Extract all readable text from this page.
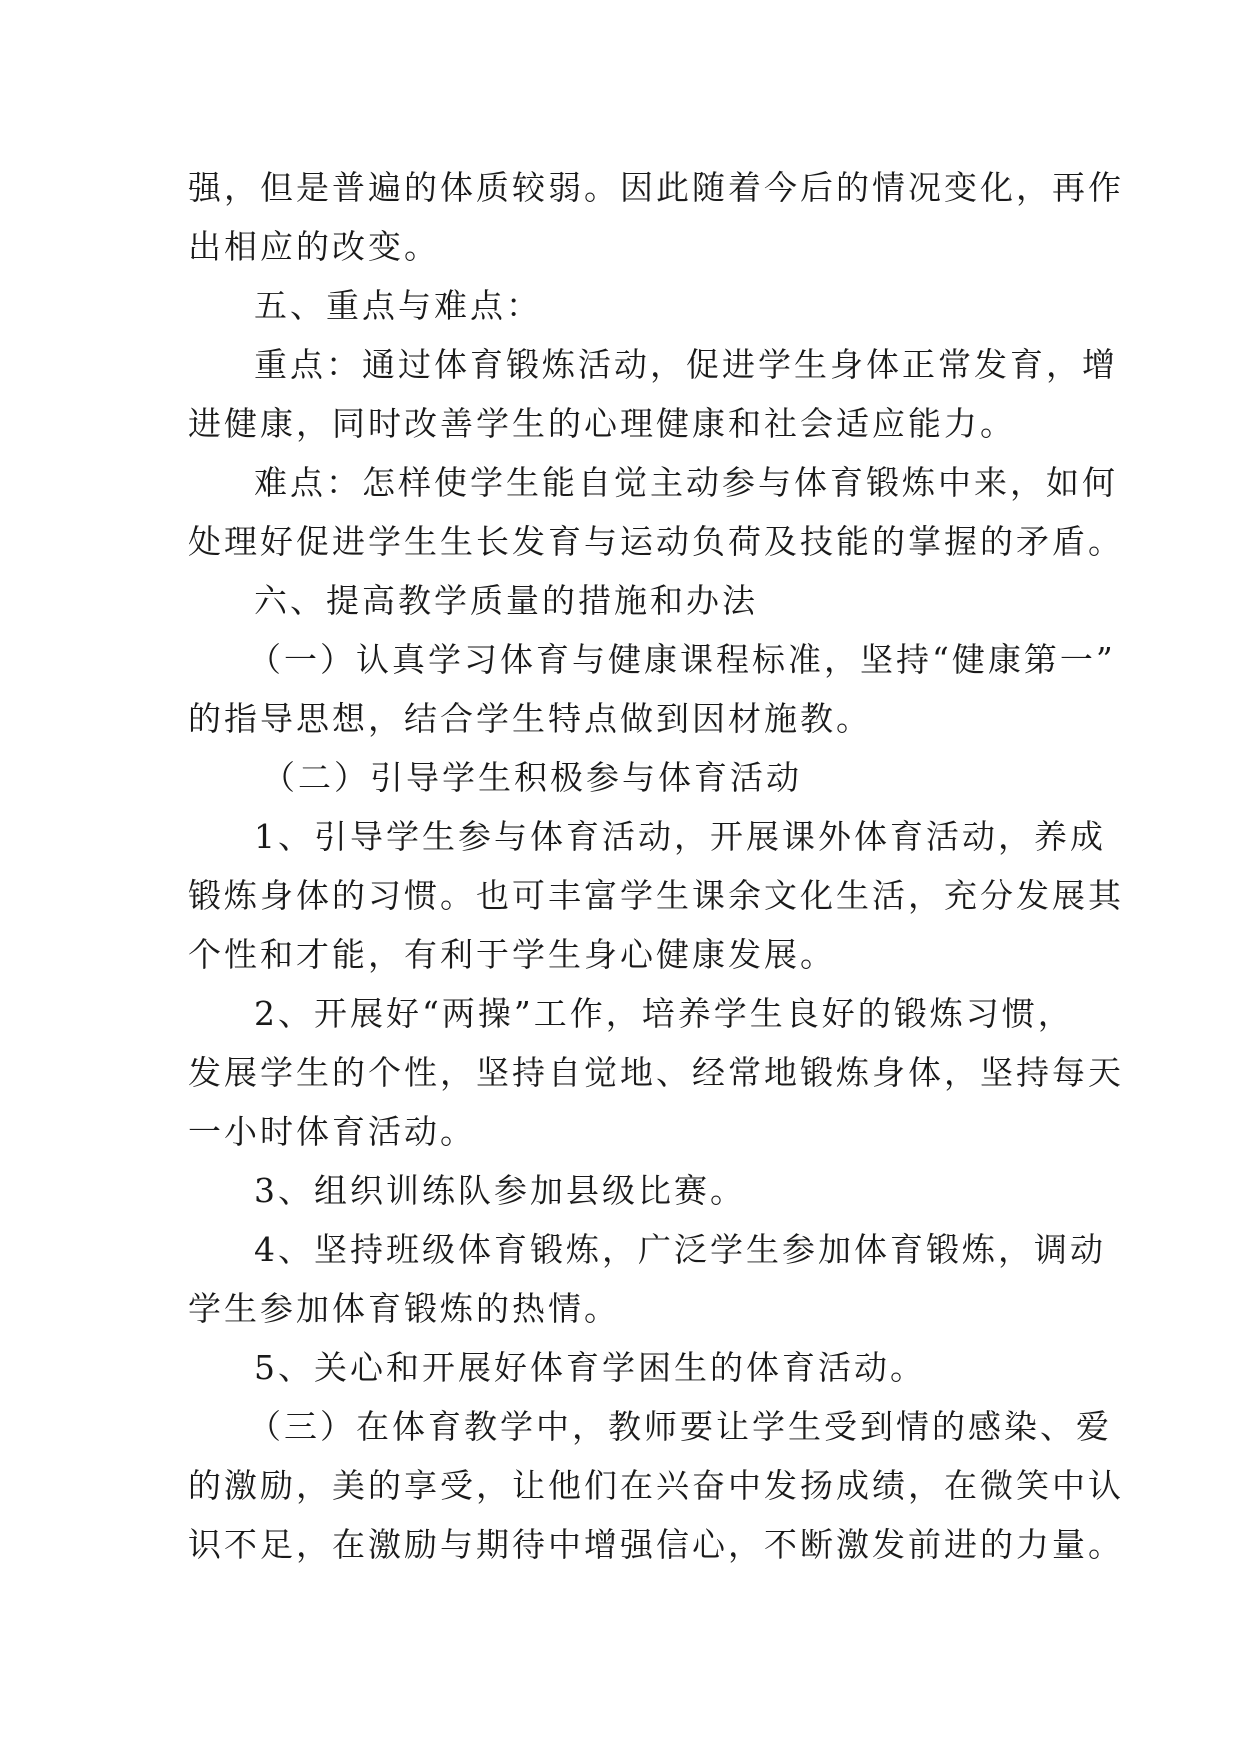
强，但是普遍的体质较弱。因此随着今后的情况变化，再作
出相应的改变。
五、重点与难点：
重点：通过体育锻炼活动，促进学生身体正常发育，增
进健康，同时改善学生的心理健康和社会适应能力。
难点：怎样使学生能自觉主动参与体育锻炼中来，如何
处理好促进学生生长发育与运动负荷及技能的掌握的矛盾。
六、提高教学质量的措施和办法
（一）认真学习体育与健康课程标准，坚持“健康第一”
的指导思想，结合学生特点做到因材施教。
（二）引导学生积极参与体育活动
1、引导学生参与体育活动，开展课外体育活动，养成
锻炼身体的习惯。也可丰富学生课余文化生活，充分发展其
个性和才能，有利于学生身心健康发展。
2、开展好“两操”工作，培养学生良好的锻炼习惯，
发展学生的个性，坚持自觉地、经常地锻炼身体，坚持每天
一小时体育活动。
3、组织训练队参加县级比赛。
4、坚持班级体育锻炼，广泛学生参加体育锻炼，调动
学生参加体育锻炼的热情。
5、关心和开展好体育学困生的体育活动。
（三）在体育教学中，教师要让学生受到情的感染、爱
的激励，美的享受，让他们在兴奋中发扬成绩，在微笑中认
识不足，在激励与期待中增强信心，不断激发前进的力量。
